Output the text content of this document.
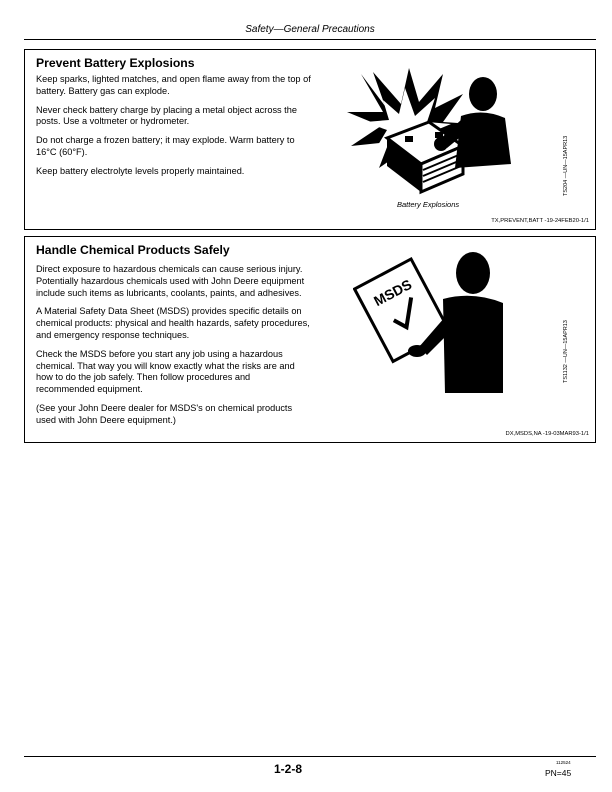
Safety—General Precautions
Prevent Battery Explosions

Keep sparks, lighted matches, and open flame away from the top of battery. Battery gas can explode.

Never check battery charge by placing a metal object across the posts. Use a voltmeter or hydrometer.

Do not charge a frozen battery; it may explode. Warm battery to 16°C (60°F).

Keep battery electrolyte levels properly maintained.

Battery Explosions
TS204 —UN—15APR13
TX,PREVENT,BATT -19-24FEB20-1/1
Handle Chemical Products Safely

Direct exposure to hazardous chemicals can cause serious injury. Potentially hazardous chemicals used with John Deere equipment include such items as lubricants, coolants, paints, and adhesives.

A Material Safety Data Sheet (MSDS) provides specific details on chemical products: physical and health hazards, safety procedures, and emergency response techniques.

Check the MSDS before you start any job using a hazardous chemical. That way you will know exactly what the risks are and how to do the job safely. Then follow procedures and recommended equipment.

(See your John Deere dealer for MSDS's on chemical products used with John Deere equipment.)

MSDS
TS1132 —UN—15APR13
DX,MSDS,NA -19-03MAR93-1/1
1-2-8	112524
PN=45
